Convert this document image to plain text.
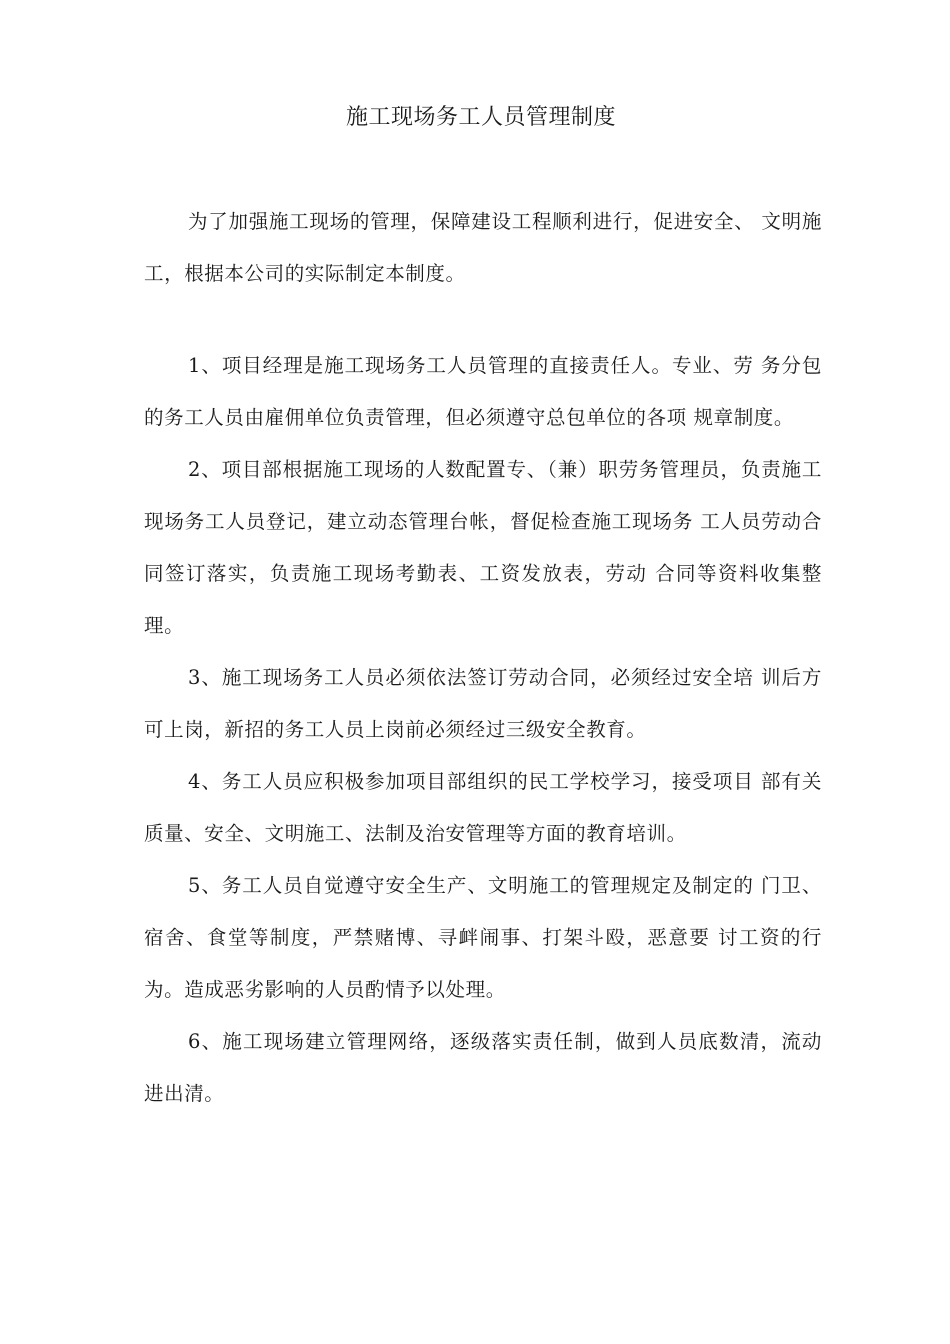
施工现场务工人员管理制度

为了加强施工现场的管理，保障建设工程顺利进行，促进安全、 文明施工，根据本公司的实际制定本制度。

1、项目经理是施工现场务工人员管理的直接责任人。专业、劳 务分包的务工人员由雇佣单位负责管理，但必须遵守总包单位的各项 规章制度。

2、项目部根据施工现场的人数配置专、（兼）职劳务管理员，负责施工现场务工人员登记，建立动态管理台帐，督促检查施工现场务 工人员劳动合同签订落实，负责施工现场考勤表、工资发放表，劳动 合同等资料收集整理。

3、施工现场务工人员必须依法签订劳动合同，必须经过安全培 训后方可上岗，新招的务工人员上岗前必须经过三级安全教育。

4、务工人员应积极参加项目部组织的民工学校学习，接受项目 部有关质量、安全、文明施工、法制及治安管理等方面的教育培训。

5、务工人员自觉遵守安全生产、文明施工的管理规定及制定的 门卫、宿舍、食堂等制度，严禁赌博、寻衅闹事、打架斗殴，恶意要 讨工资的行为。造成恶劣影响的人员酌情予以处理。

6、施工现场建立管理网络，逐级落实责任制，做到人员底数清，流动进出清。
